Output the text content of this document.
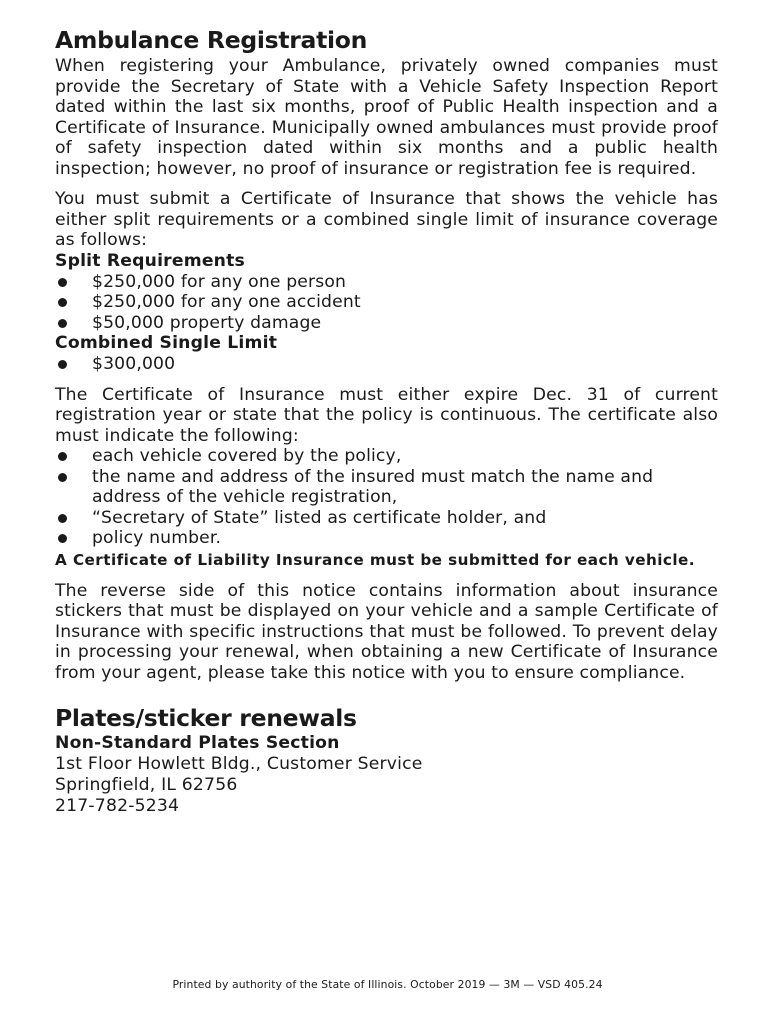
Ambulance Registration

When registering your Ambulance, privately owned companies must provide the Secretary of State with a Vehicle Safety Inspection Report dated within the last six months, proof of Public Health inspection and a Certificate of Insurance. Municipally owned ambulances must provide proof of safety inspection dated within six months and a public health inspection; however, no proof of insurance or registration fee is required.

You must submit a Certificate of Insurance that shows the vehicle has either split requirements or a combined single limit of insurance coverage as follows:

Split Requirements

$250,000 for any one person
$250,000 for any one accident
$50,000 property damage

Combined Single Limit

$300,000

The Certificate of Insurance must either expire Dec. 31 of current registration year or state that the policy is continuous. The certificate also must indicate the following:

each vehicle covered by the policy,
the name and address of the insured must match the name and address of the vehicle registration,
“Secretary of State” listed as certificate holder, and
policy number.

A Certificate of Liability Insurance must be submitted for each vehicle.

The reverse side of this notice contains information about insurance stickers that must be displayed on your vehicle and a sample Certificate of Insurance with specific instructions that must be followed. To prevent delay in processing your renewal, when obtaining a new Certificate of Insurance from your agent, please take this notice with you to ensure compliance.

Plates/sticker renewals

Non-Standard Plates Section

1st Floor Howlett Bldg., Customer Service

Springfield, IL 62756

217-782-5234

Printed by authority of the State of Illinois. October 2019 — 3M — VSD 405.24
